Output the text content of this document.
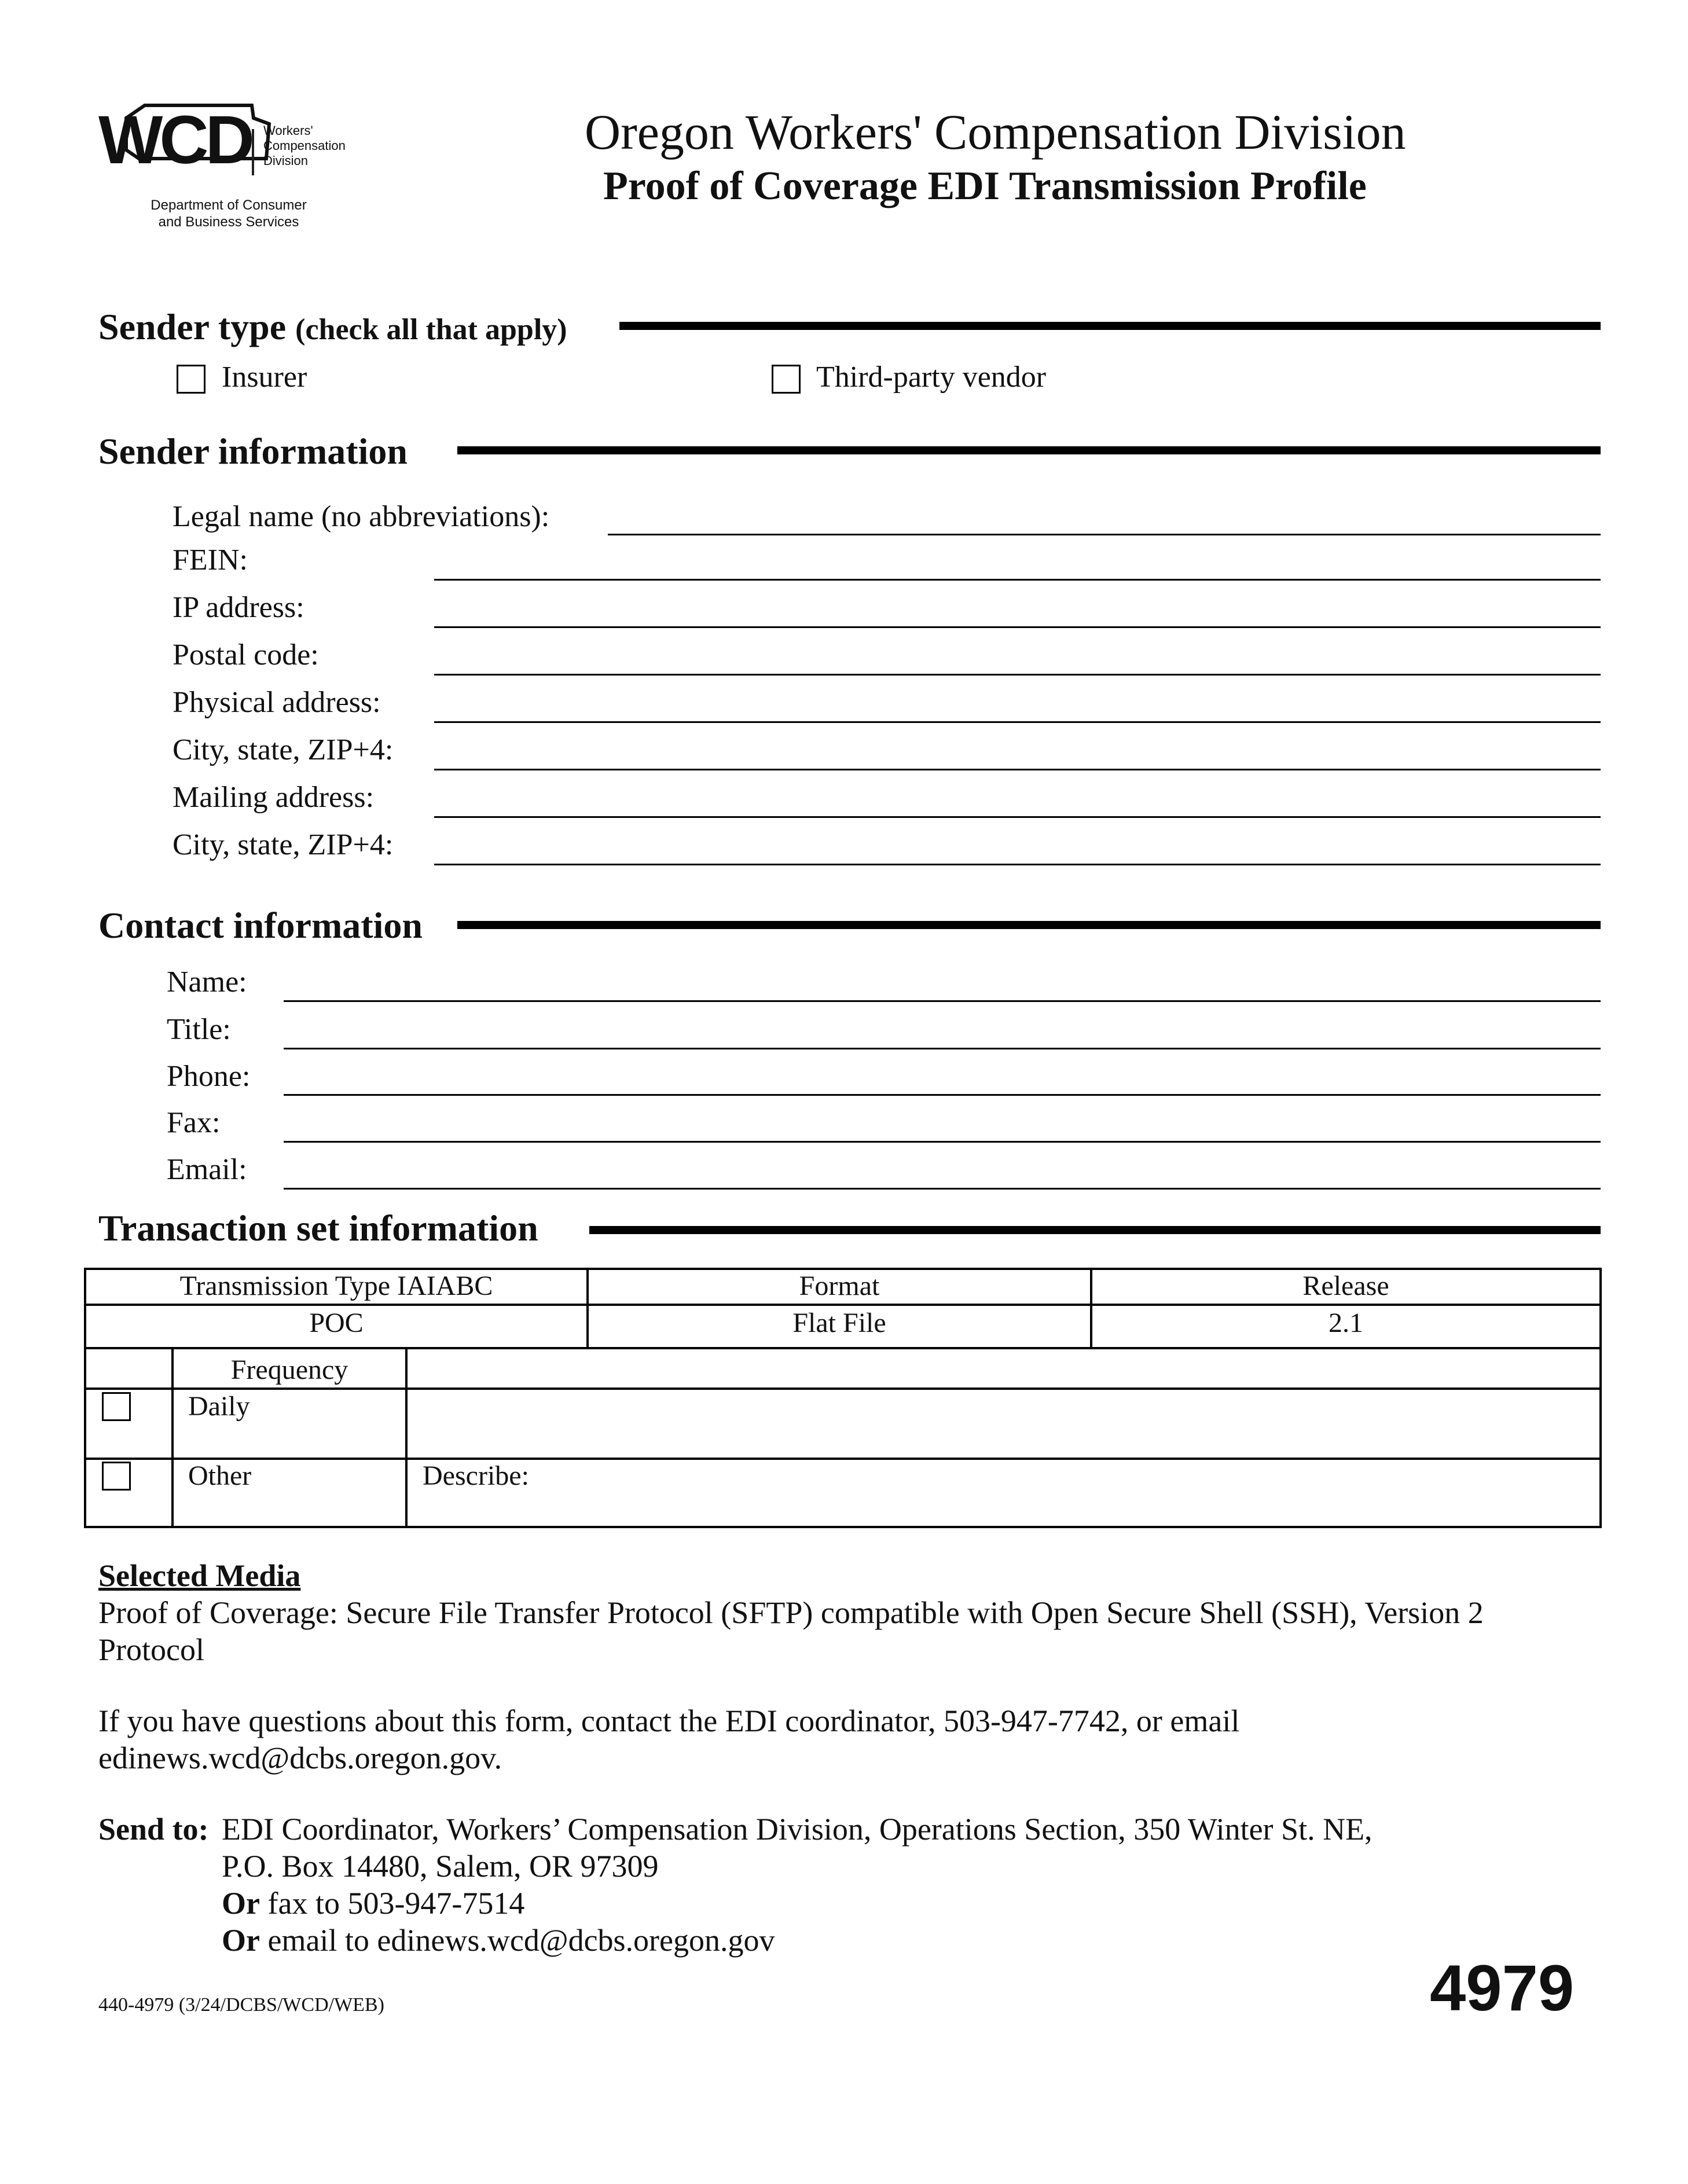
WCD Workers'
Compensation
Division
Department of Consumer
and Business Services
Oregon Workers' Compensation Division
Proof of Coverage EDI Transmission Profile
Sender type (check all that apply)
Insurer	Third-party vendor
Sender information
Legal name (no abbreviations):
FEIN:
IP address:
Postal code:
Physical address:
City, state, ZIP+4:
Mailing address:
City, state, ZIP+4:
Contact information
Name:
Title:
Phone:
Fax:
Email:
Transaction set information
Transmission Type IAIABC	Format	Release
POC	Flat File	2.1
Frequency
Daily
Other	Describe:
Selected Media
Proof of Coverage: Secure File Transfer Protocol (SFTP) compatible with Open Secure Shell (SSH), Version 2
Protocol
If you have questions about this form, contact the EDI coordinator, 503-947-7742, or email
edinews.wcd@dcbs.oregon.gov.
Send to: EDI Coordinator, Workers’ Compensation Division, Operations Section, 350 Winter St. NE,
P.O. Box 14480, Salem, OR 97309
Or fax to 503-947-7514
Or email to edinews.wcd@dcbs.oregon.gov
440-4979 (3/24/DCBS/WCD/WEB)	4979
